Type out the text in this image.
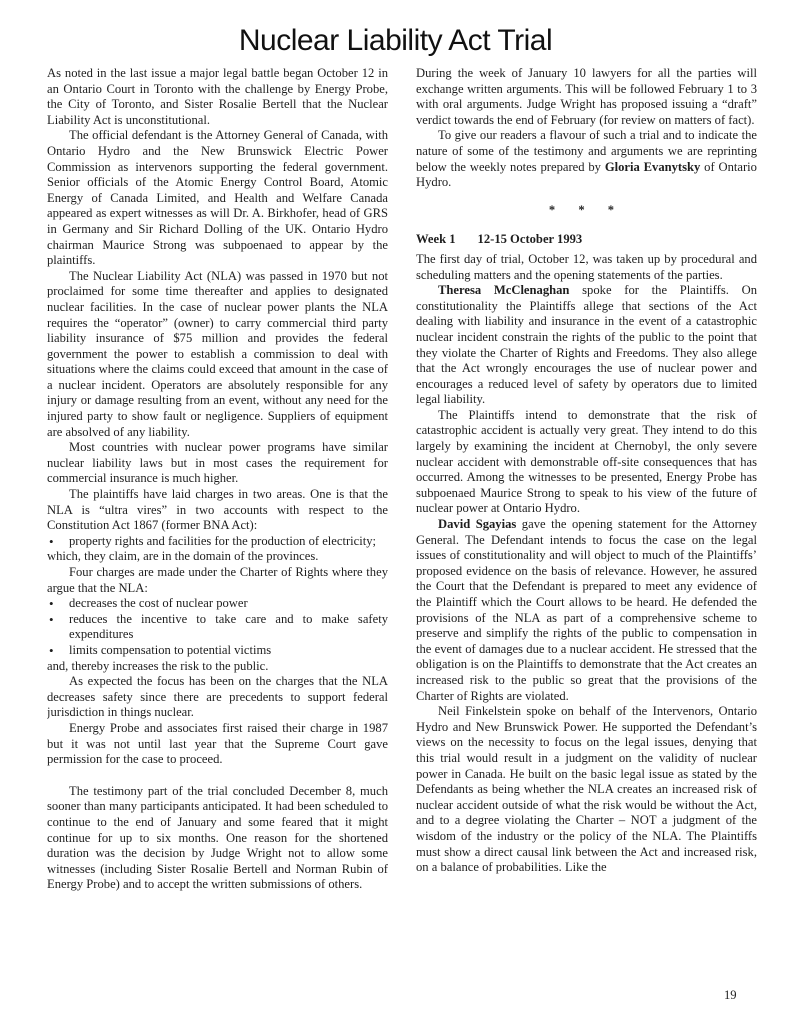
Nuclear Liability Act Trial

As noted in the last issue a major legal battle began October 12 in an Ontario Court in Toronto with the challenge by Energy Probe, the City of Toronto, and Sister Rosalie Bertell that the Nuclear Liability Act is unconstitutional.

The official defendant is the Attorney General of Canada, with Ontario Hydro and the New Brunswick Electric Power Commission as intervenors supporting the federal government. Senior officials of the Atomic Energy Control Board, Atomic Energy of Canada Limited, and Health and Welfare Canada appeared as expert witnesses as will Dr. A. Birkhofer, head of GRS in Germany and Sir Richard Dolling of the UK. Ontario Hydro chairman Maurice Strong was subpoenaed to appear by the plaintiffs.

The Nuclear Liability Act (NLA) was passed in 1970 but not proclaimed for some time thereafter and applies to designated nuclear facilities. In the case of nuclear power plants the NLA requires the “operator” (owner) to carry commercial third party liability insurance of $75 million and provides the federal government the power to establish a commission to deal with situations where the claims could exceed that amount in the case of a nuclear incident. Operators are absolutely responsible for any injury or damage resulting from an event, without any need for the injured party to show fault or negligence. Suppliers of equipment are absolved of any liability.

Most countries with nuclear power programs have similar nuclear liability laws but in most cases the requirement for commercial insurance is much higher.

The plaintiffs have laid charges in two areas. One is that the NLA is “ultra vires” in two accounts with respect to the Constitution Act 1867 (former BNA Act):

• property rights and facilities for the production of electricity;

which, they claim, are in the domain of the provinces.

Four charges are made under the Charter of Rights where they argue that the NLA:

• decreases the cost of nuclear power
• reduces the incentive to take care and to make safety expenditures
• limits compensation to potential victims

and, thereby increases the risk to the public.

As expected the focus has been on the charges that the NLA decreases safety since there are precedents to support federal jurisdiction in things nuclear.

Energy Probe and associates first raised their charge in 1987 but it was not until last year that the Supreme Court gave permission for the case to proceed.

The testimony part of the trial concluded December 8, much sooner than many participants anticipated. It had been scheduled to continue to the end of January and some feared that it might continue for up to six months. One reason for the shortened duration was the decision by Judge Wright not to allow some witnesses (including Sister Rosalie Bertell and Norman Rubin of Energy Probe) and to accept the written submissions of others.

During the week of January 10 lawyers for all the parties will exchange written arguments. This will be followed February 1 to 3 with oral arguments. Judge Wright has proposed issuing a “draft” verdict towards the end of February (for review on matters of fact).

To give our readers a flavour of such a trial and to indicate the nature of some of the testimony and arguments we are reprinting below the weekly notes prepared by Gloria Evanytsky of Ontario Hydro.

* * *
Week 1 12-15 October 1993

The first day of trial, October 12, was taken up by procedural and scheduling matters and the opening statements of the parties.

Theresa McClenaghan spoke for the Plaintiffs. On constitutionality the Plaintiffs allege that sections of the Act dealing with liability and insurance in the event of a catastrophic nuclear incident constrain the rights of the public to the point that they violate the Charter of Rights and Freedoms. They also allege that the Act wrongly encourages the use of nuclear power and encourages a reduced level of safety by operators due to limited legal liability.

The Plaintiffs intend to demonstrate that the risk of catastrophic accident is actually very great. They intend to do this largely by examining the incident at Chernobyl, the only severe nuclear accident with demonstrable off-site consequences that has occurred. Among the witnesses to be presented, Energy Probe has subpoenaed Maurice Strong to speak to his view of the future of nuclear power at Ontario Hydro.

David Sgayias gave the opening statement for the Attorney General. The Defendant intends to focus the case on the legal issues of constitutionality and will object to much of the Plaintiffs’ proposed evidence on the basis of relevance. However, he assured the Court that the Defendant is prepared to meet any evidence of the Plaintiff which the Court allows to be heard. He defended the provisions of the NLA as part of a comprehensive scheme to preserve and simplify the rights of the public to compensation in the event of damages due to a nuclear accident. He stressed that the obligation is on the Plaintiffs to demonstrate that the Act creates an increased risk to the public so great that the provisions of the Charter of Rights are violated.

Neil Finkelstein spoke on behalf of the Intervenors, Ontario Hydro and New Brunswick Power. He supported the Defendant’s views on the necessity to focus on the legal issues, denying that this trial would result in a judgment on the validity of nuclear power in Canada. He built on the basic legal issue as stated by the Defendants as being whether the NLA creates an increased risk of nuclear accident outside of what the risk would be without the Act, and to a degree violating the Charter – NOT a judgment of the wisdom of the industry or the policy of the NLA. The Plaintiffs must show a direct causal link between the Act and increased risk, on a balance of probabilities. Like the

19
